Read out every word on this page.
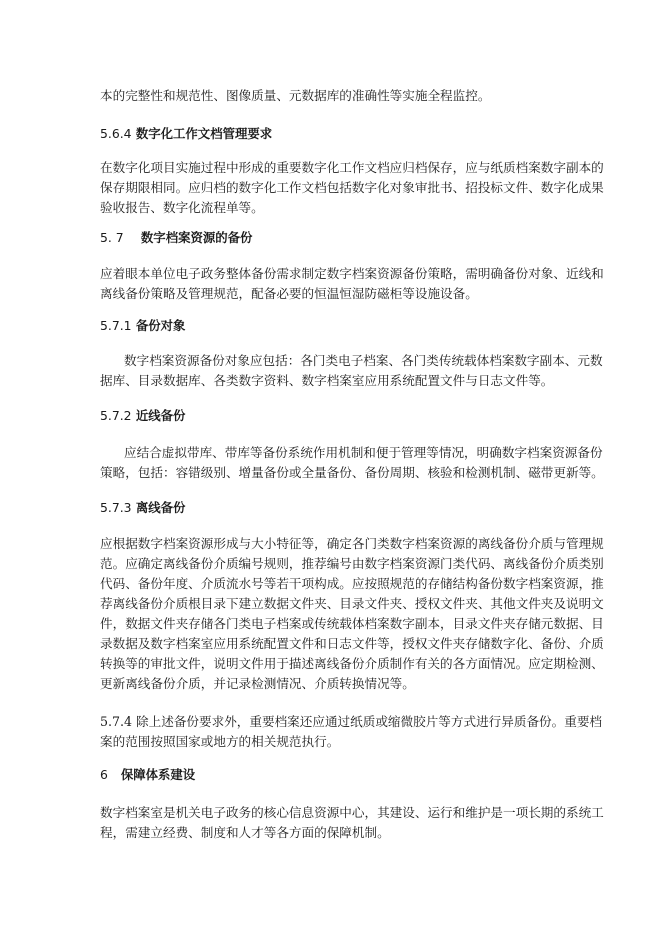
本的完整性和规范性、图像质量、元数据库的准确性等实施全程监控。
5.6.4 数字化工作文档管理要求
在数字化项目实施过程中形成的重要数字化工作文档应归档保存，应与纸质档案数字副本的
保存期限相同。应归档的数字化工作文档包括数字化对象审批书、招投标文件、数字化成果
验收报告、数字化流程单等。
5. 7 数字档案资源的备份
应着眼本单位电子政务整体备份需求制定数字档案资源备份策略，需明确备份对象、近线和
离线备份策略及管理规范，配备必要的恒温恒湿防磁柜等设施设备。
5.7.1 备份对象
数字档案资源备份对象应包括：各门类电子档案、各门类传统载体档案数字副本、元数
据库、目录数据库、各类数字资料、数字档案室应用系统配置文件与日志文件等。
5.7.2 近线备份
应结合虚拟带库、带库等备份系统作用机制和便于管理等情况，明确数字档案资源备份
策略，包括：容错级别、增量备份或全量备份、备份周期、核验和检测机制、磁带更新等。
5.7.3 离线备份
应根据数字档案资源形成与大小特征等，确定各门类数字档案资源的离线备份介质与管理规
范。应确定离线备份介质编号规则，推荐编号由数字档案资源门类代码、离线备份介质类别
代码、备份年度、介质流水号等若干项构成。应按照规范的存储结构备份数字档案资源，推
荐离线备份介质根目录下建立数据文件夹、目录文件夹、授权文件夹、其他文件夹及说明文
件，数据文件夹存储各门类电子档案或传统载体档案数字副本，目录文件夹存储元数据、目
录数据及数字档案室应用系统配置文件和日志文件等，授权文件夹存储数字化、备份、介质
转换等的审批文件，说明文件用于描述离线备份介质制作有关的各方面情况。应定期检测、
更新离线备份介质，并记录检测情况、介质转换情况等。
5.7.4 除上述备份要求外，重要档案还应通过纸质或缩微胶片等方式进行异质备份。重要档
案的范围按照国家或地方的相关规范执行。
6 保障体系建设
数字档案室是机关电子政务的核心信息资源中心，其建设、运行和维护是一项长期的系统工
程，需建立经费、制度和人才等各方面的保障机制。
